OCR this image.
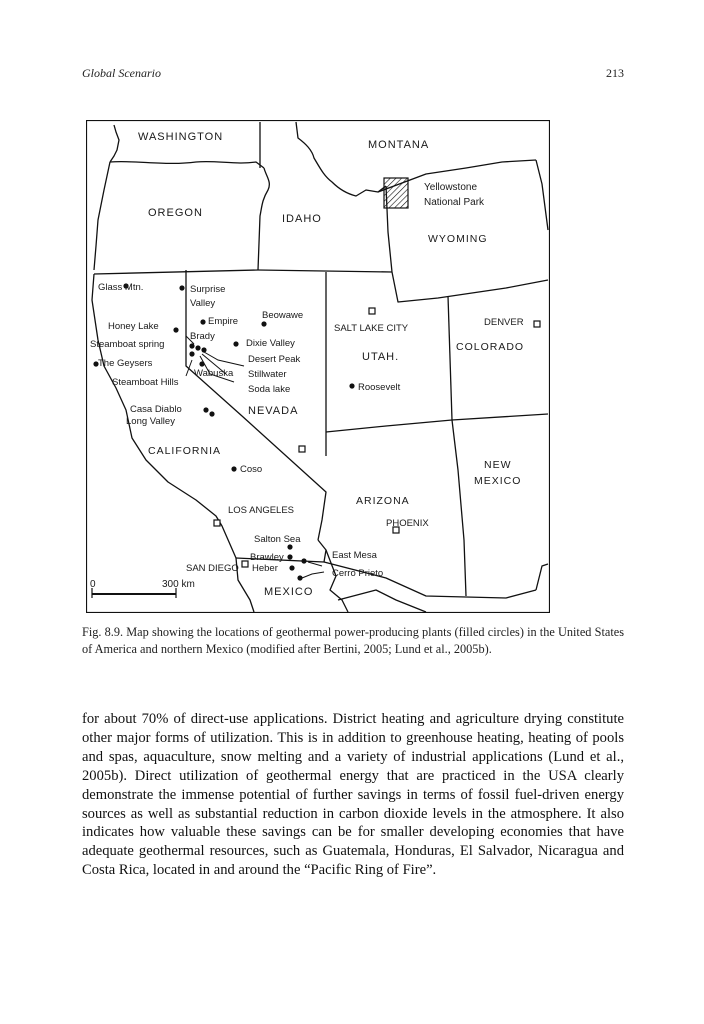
Global Scenario	213
WASHINGTON
MONTANA
OREGON	IDAHO
WYOMING
NEVADA
UTAH.
COLORADO
CALIFORNIA
ARIZONA
NEW
MEXICO
MEXICO
Yellowstone
National Park
SALT LAKE CITY
DENVER
PHOENIX
LOS ANGELES
SAN DIEGO
Glass Mtn.	Surprise
Valley
Empire
Beowawe
Honey Lake
Brady
Steamboat spring	Dixie Valley
The Geysers	Desert Peak
Wabuska Stillwater
Steamboat Hills
Soda lake	Roosevelt
Casa Diablo
Long Valley
Coso
Salton Sea
Brawley	East Mesa
Heber	Cerro Prieto
0	300 km
Fig. 8.9. Map showing the locations of geothermal power-producing plants (filled circles) in the United States of America and northern Mexico (modified after Bertini, 2005; Lund et al., 2005b).
for about 70% of direct-use applications. District heating and agriculture drying constitute other major forms of utilization. This is in addition to greenhouse heating, heating of pools and spas, aquaculture, snow melting and a variety of industrial applications (Lund et al., 2005b). Direct utilization of geothermal energy that are practiced in the USA clearly demonstrate the immense potential of further savings in terms of fossil fuel-driven energy sources as well as substantial reduction in carbon dioxide levels in the atmosphere. It also indicates how valuable these savings can be for smaller developing economies that have adequate geothermal resources, such as Guatemala, Honduras, El Salvador, Nicaragua and Costa Rica, located in and around the “Pacific Ring of Fire”.
